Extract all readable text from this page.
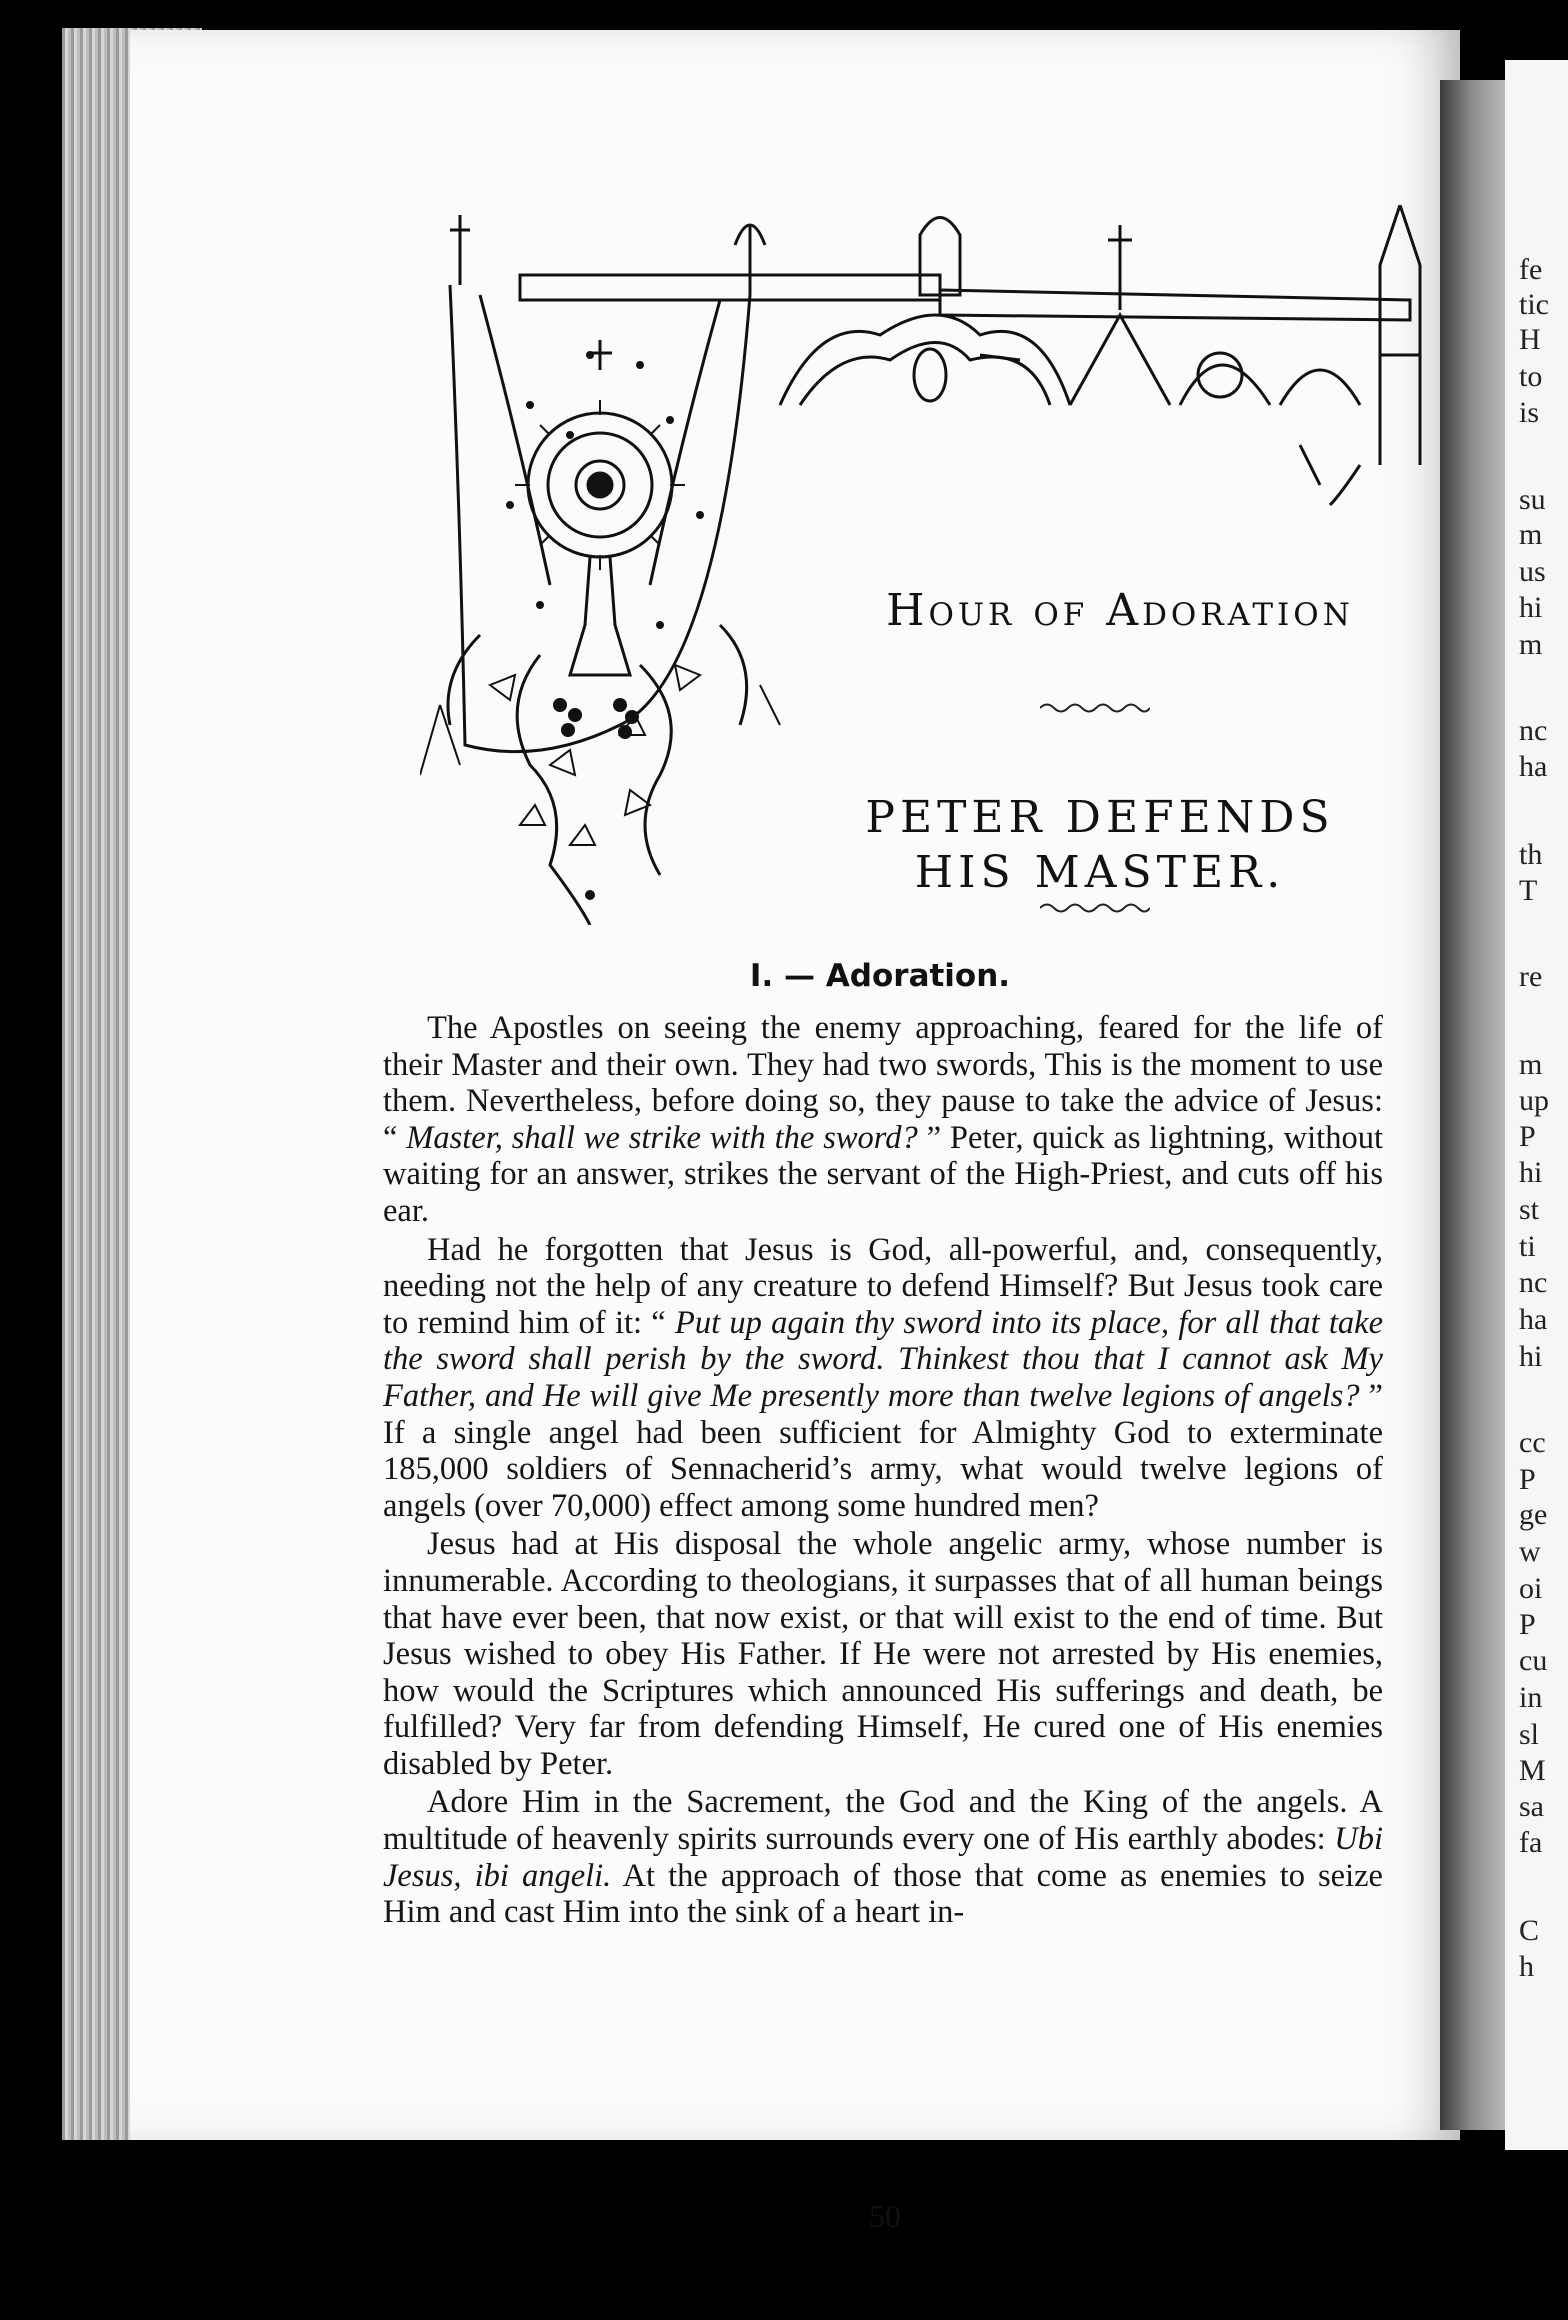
fe
tic
H
to
is
su
m
us
hi
m
nc
ha
th
T
re
m
up
P
hi
st
ti
nc
ha
hi
cc
P
ge
w
oi
P
cu
in
sl
M
sa
fa
C
h
Hour of Adoration
PETER DEFENDS
HIS MASTER.
I. — Adoration.

The Apostles on seeing the enemy approaching, feared for the life of their Master and their own. They had two swords, This is the moment to use them. Nevertheless, before doing so, they pause to take the advice of Jesus: “ Master, shall we strike with the sword? ” Peter, quick as lightning, without waiting for an answer, strikes the servant of the High-Priest, and cuts off his ear.

Had he forgotten that Jesus is God, all-powerful, and, consequently, needing not the help of any creature to defend Himself? But Jesus took care to remind him of it: “ Put up again thy sword into its place, for all that take the sword shall perish by the sword. Thinkest thou that I cannot ask My Father, and He will give Me presently more than twelve legions of angels? ” If a single angel had been sufficient for Almighty God to exterminate 185,000 soldiers of Sennacherid’s army, what would twelve legions of angels (over 70,000) effect among some hundred men?

Jesus had at His disposal the whole angelic army, whose number is innumerable. According to theologians, it surpasses that of all human beings that have ever been, that now exist, or that will exist to the end of time. But Jesus wished to obey His Father. If He were not arrested by His enemies, how would the Scriptures which announced His sufferings and death, be fulfilled? Very far from defending Himself, He cured one of His enemies disabled by Peter.

Adore Him in the Sacrement, the God and the King of the angels. A multitude of heavenly spirits surrounds every one of His earthly abodes: Ubi Jesus, ibi angeli. At the approach of those that come as enemies to seize Him and cast Him into the sink of a heart in-

50
